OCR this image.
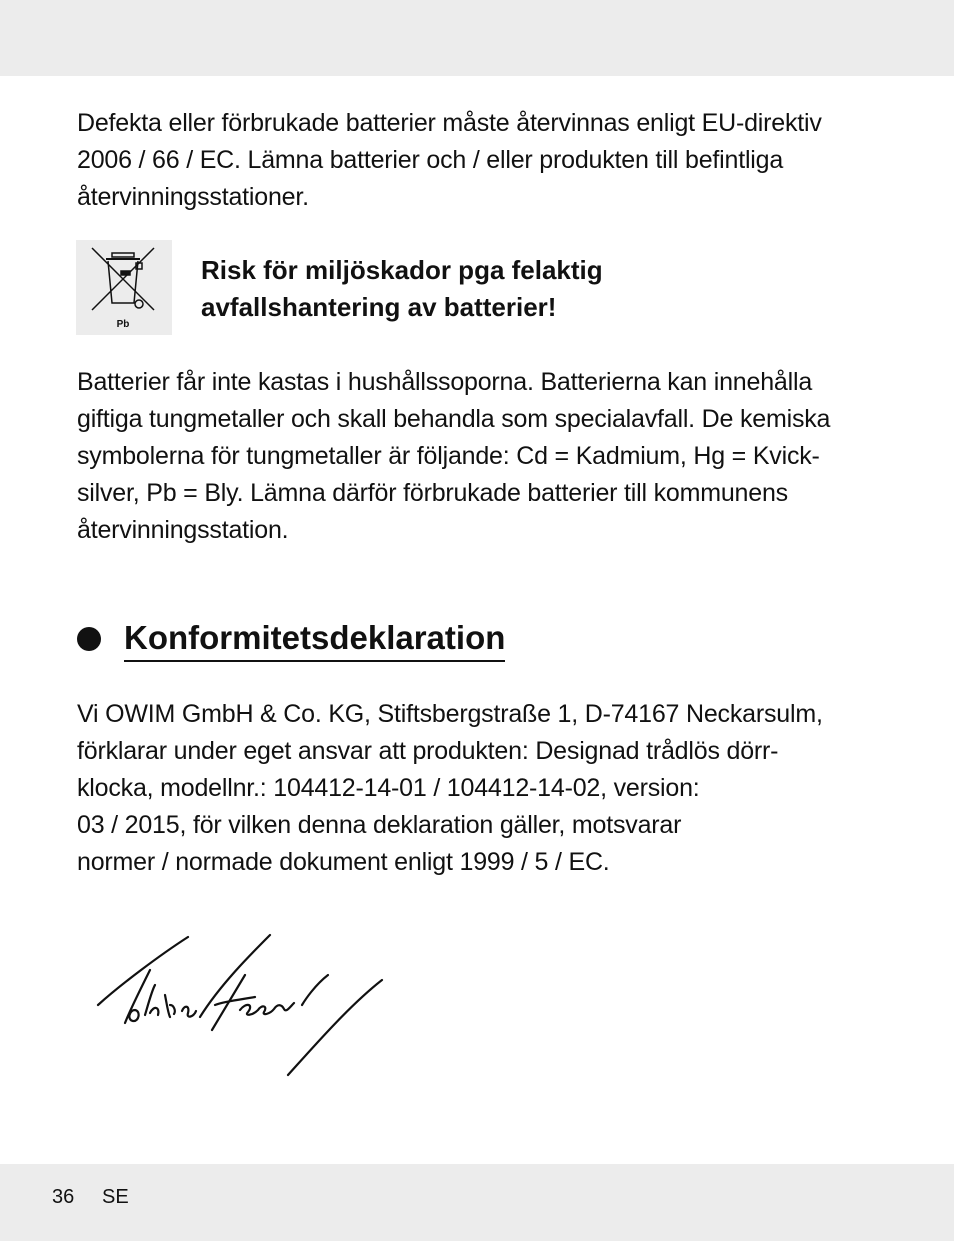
Defekta eller förbrukade batterier måste återvinnas enligt EU-direktiv
2006 / 66 / EC. Lämna batterier och / eller produkten till befintliga
återvinningsstationer.
Pb
Risk för miljöskador pga felaktig
avfallshantering av batterier!
Batterier får inte kastas i hushållssoporna. Batterierna kan innehålla
giftiga tungmetaller och skall behandla som specialavfall. De kemiska
symbolerna för tungmetaller är följande: Cd = Kadmium, Hg = Kvick-
silver, Pb = Bly. Lämna därför förbrukade batterier till kommunens
återvinningsstation.
Konformitetsdeklaration
Vi OWIM GmbH & Co. KG, Stiftsbergstraße 1, D-74167 Neckarsulm,
förklarar under eget ansvar att produkten: Designad trådlös dörr-
klocka, modellnr.: 104412-14-01 / 104412-14-02, version:
03 / 2015, för vilken denna deklaration gäller, motsvarar
normer / normade dokument enligt 1999 / 5 / EC.
36 SE
